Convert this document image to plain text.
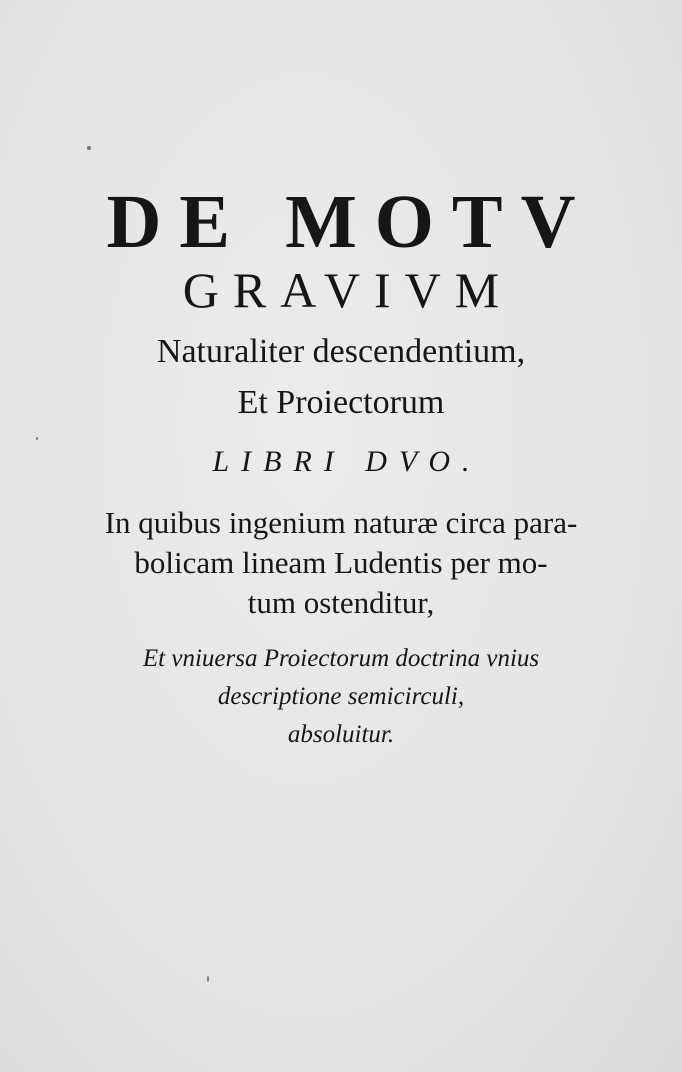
DE MOTV
GRAVIVM
Naturaliter descendentium,
Et Proiectorum
LIBRI DVO.
In quibus ingenium naturæ circa para-
bolicam lineam Ludentis per mo-
tum ostenditur,
Et vniuersa Proiectorum doctrina vnius
descriptione semicirculi,
absoluitur.
